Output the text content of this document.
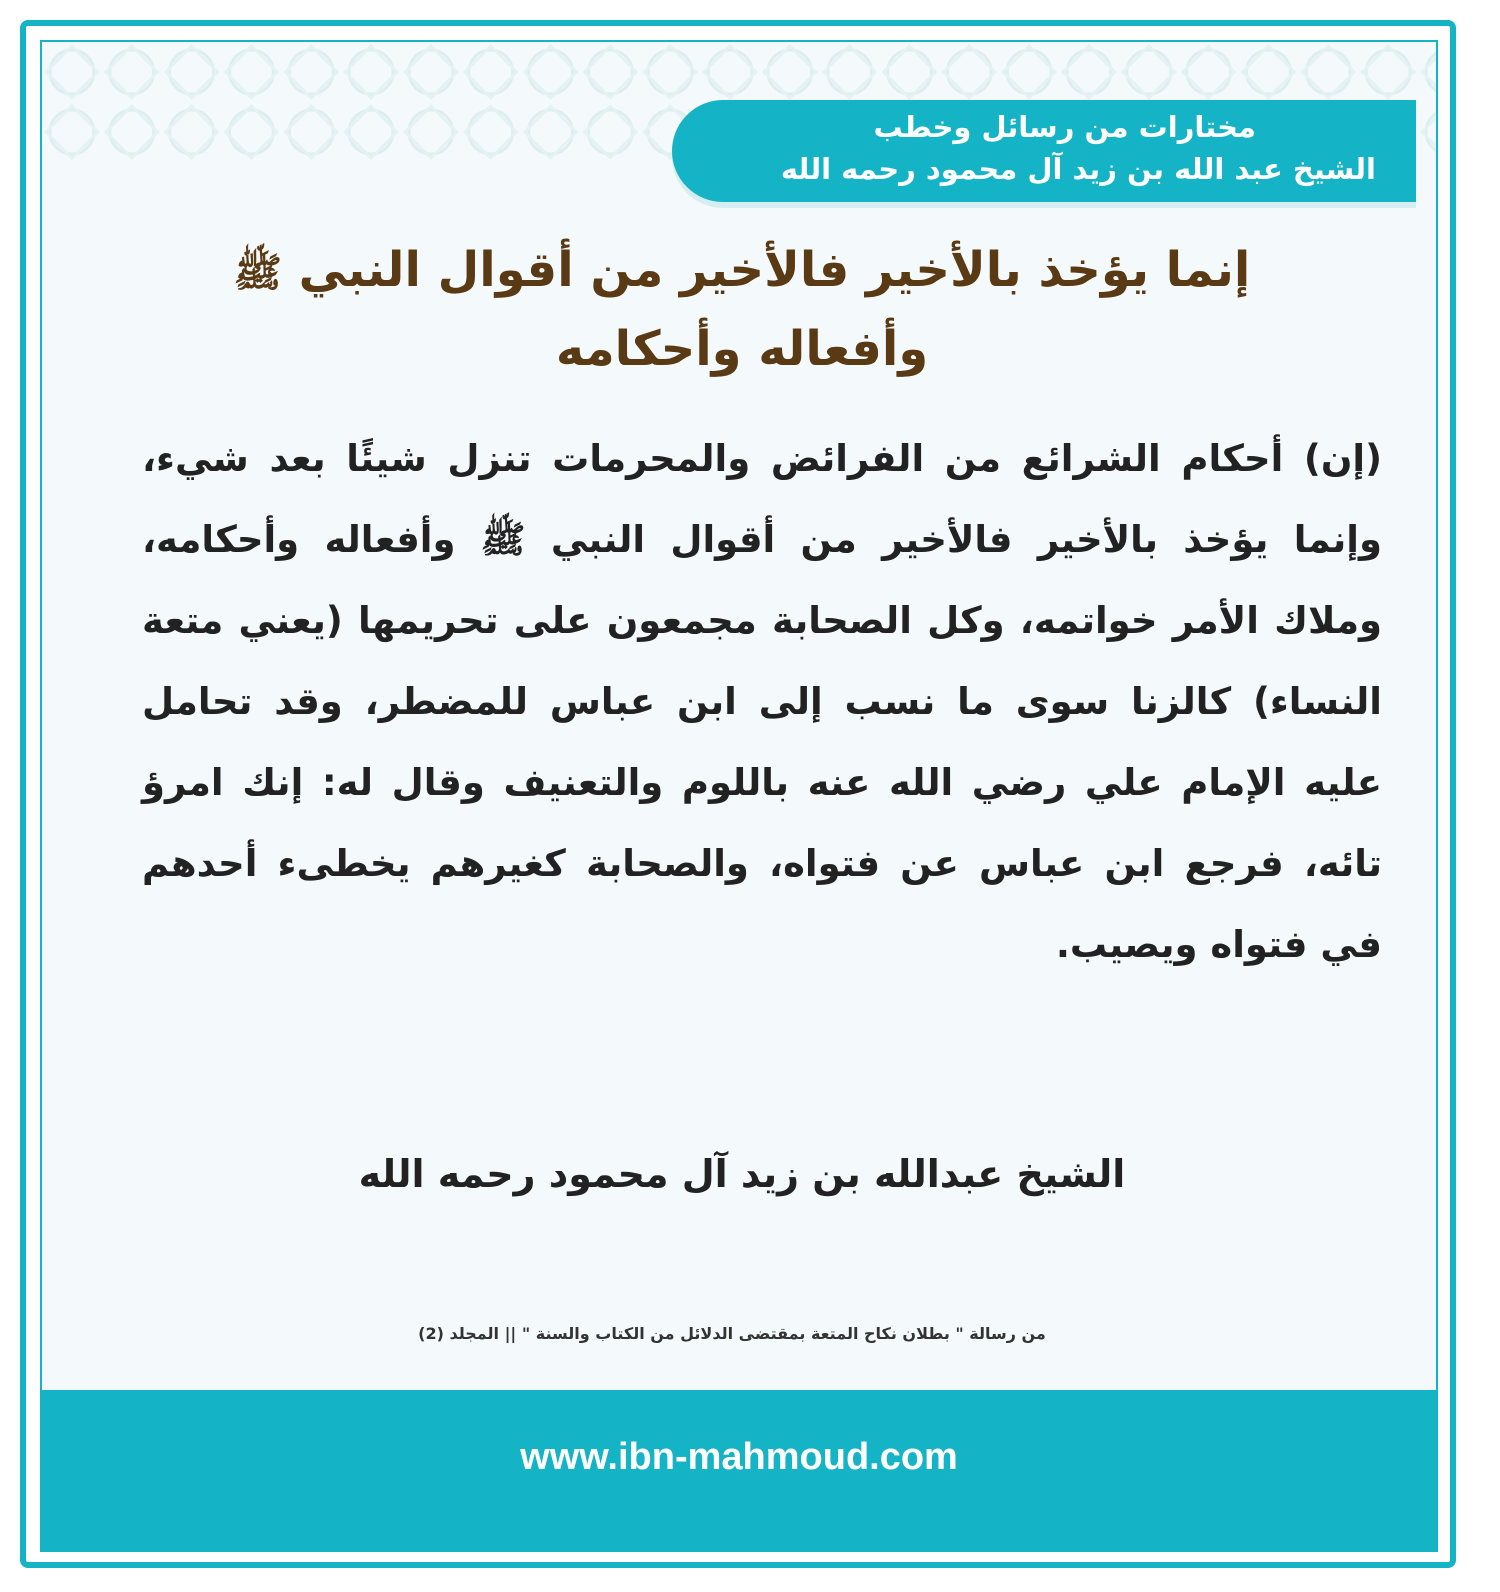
مختارات من رسائل وخطب
الشيخ عبد الله بن زيد آل محمود رحمه الله
إنما يؤخذ بالأخير فالأخير من أقوال النبي ﷺ
وأفعاله وأحكامه
(إن) أحكام الشرائع من الفرائض والمحرمات تنزل شيئًا بعد شيء، وإنما يؤخذ بالأخير فالأخير من أقوال النبي ﷺ وأفعاله وأحكامه، وملاك الأمر خواتمه، وكل الصحابة مجمعون على تحريمها (يعني متعة النساء) كالزنا سوى ما نسب إلى ابن عباس للمضطر، وقد تحامل عليه الإمام علي رضي الله عنه باللوم والتعنيف وقال له: إنك امرؤ تائه، فرجع ابن عباس عن فتواه، والصحابة كغيرهم يخطىء أحدهم في فتواه ويصيب.
الشيخ عبدالله بن زيد آل محمود رحمه الله
من رسالة " بطلان نكاح المتعة بمقتضى الدلائل من الكتاب والسنة " || المجلد (2)
www.ibn-mahmoud.com
